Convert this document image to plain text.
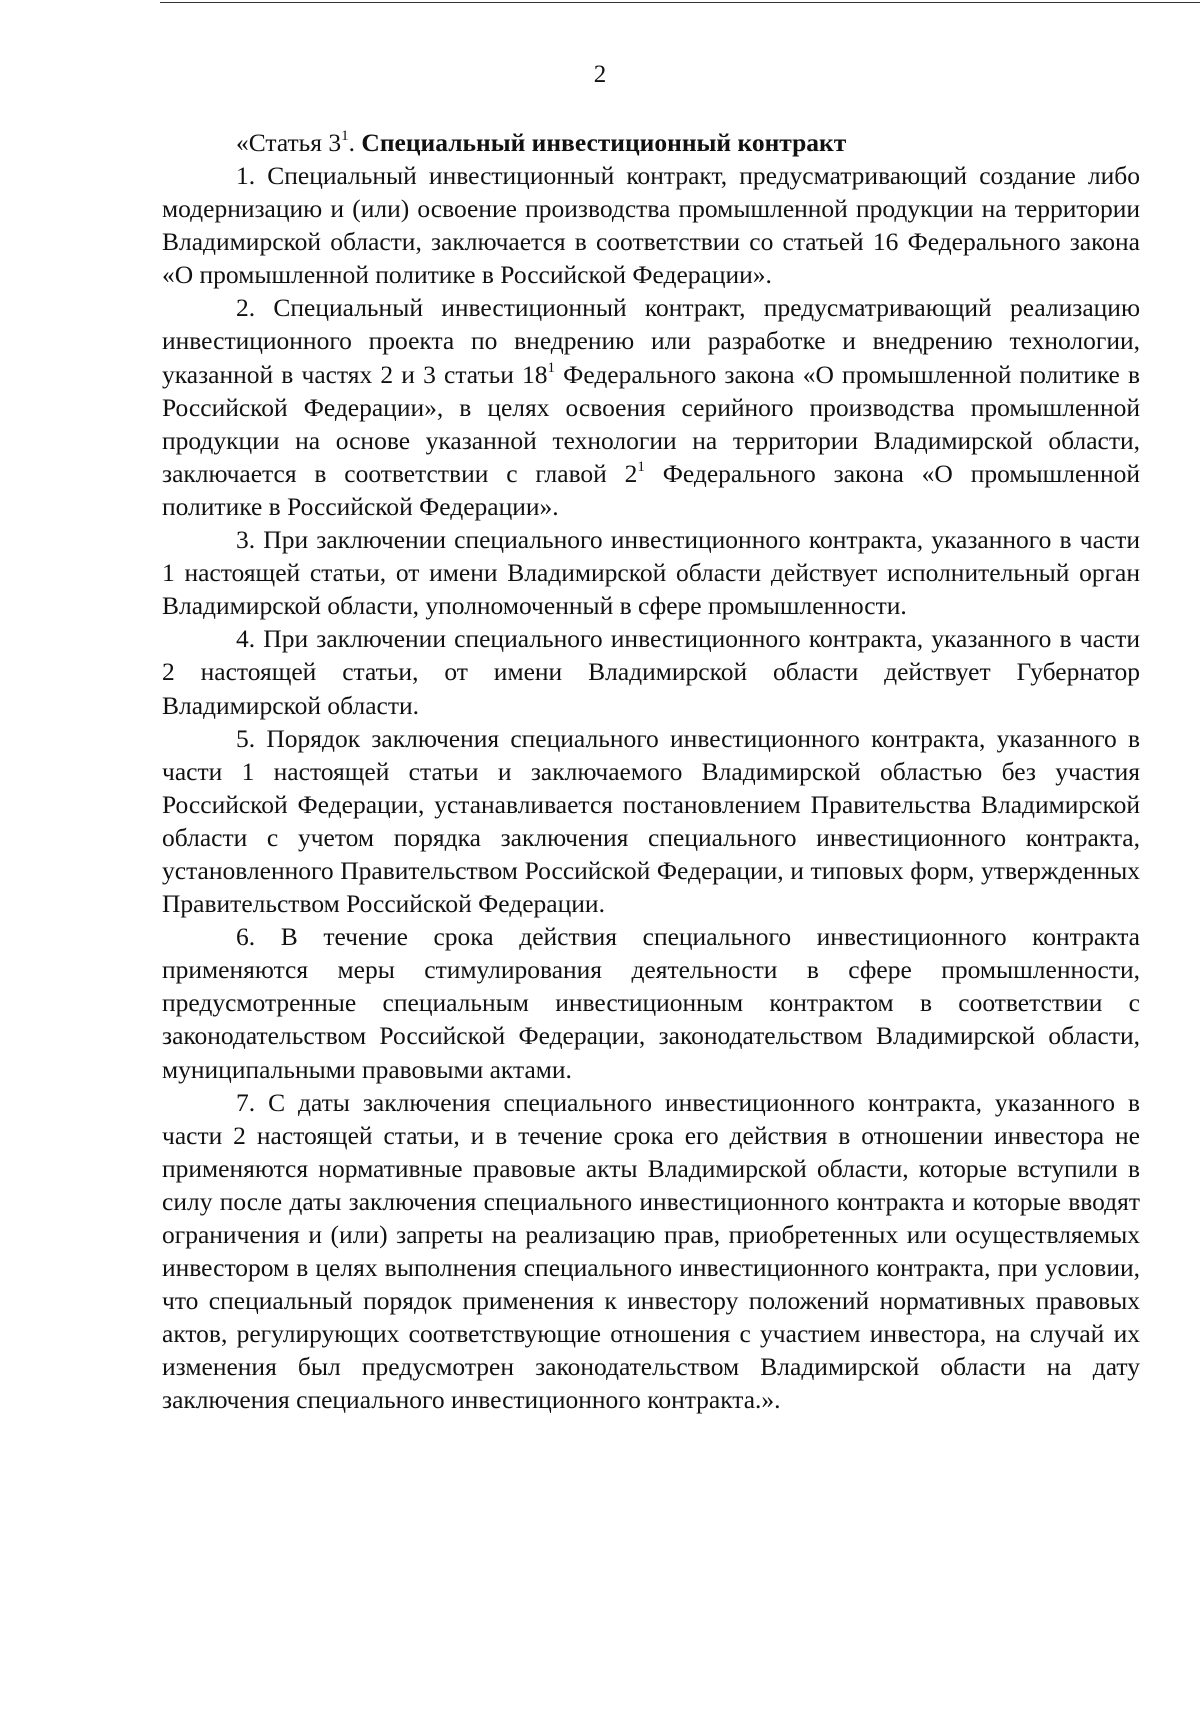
2
«Статья $3^1$. Специальный инвестиционный контракт

1. Специальный инвестиционный контракт, предусматривающий создание либо модернизацию и (или) освоение производства промышленной продукции на территории Владимирской области, заключается в соответствии со статьей 16 Федерального закона «О промышленной политике в Российской Федерации».

2. Специальный инвестиционный контракт, предусматривающий реализацию инвестиционного проекта по внедрению или разработке и внедрению технологии, указанной в частях 2 и 3 статьи $18^1$ Федерального закона «О промышленной политике в Российской Федерации», в целях освоения серийного производства промышленной продукции на основе указанной технологии на территории Владимирской области, заключается в соответствии с главой $2^1$ Федерального закона «О промышленной политике в Российской Федерации».

3. При заключении специального инвестиционного контракта, указанного в части 1 настоящей статьи, от имени Владимирской области действует исполнительный орган Владимирской области, уполномоченный в сфере промышленности.

4. При заключении специального инвестиционного контракта, указанного в части 2 настоящей статьи, от имени Владимирской области действует Губернатор Владимирской области.

5. Порядок заключения специального инвестиционного контракта, указанного в части 1 настоящей статьи и заключаемого Владимирской областью без участия Российской Федерации, устанавливается постановлением Правительства Владимирской области с учетом порядка заключения специального инвестиционного контракта, установленного Правительством Российской Федерации, и типовых форм, утвержденных Правительством Российской Федерации.

6. В течение срока действия специального инвестиционного контракта применяются меры стимулирования деятельности в сфере промышленности, предусмотренные специальным инвестиционным контрактом в соответствии с законодательством Российской Федерации, законодательством Владимирской области, муниципальными правовыми актами.

7. С даты заключения специального инвестиционного контракта, указанного в части 2 настоящей статьи, и в течение срока его действия в отношении инвестора не применяются нормативные правовые акты Владимирской области, которые вступили в силу после даты заключения специального инвестиционного контракта и которые вводят ограничения и (или) запреты на реализацию прав, приобретенных или осуществляемых инвестором в целях выполнения специального инвестиционного контракта, при условии, что специальный порядок применения к инвестору положений нормативных правовых актов, регулирующих соответствующие отношения с участием инвестора, на случай их изменения был предусмотрен законодательством Владимирской области на дату заключения специального инвестиционного контракта.».
